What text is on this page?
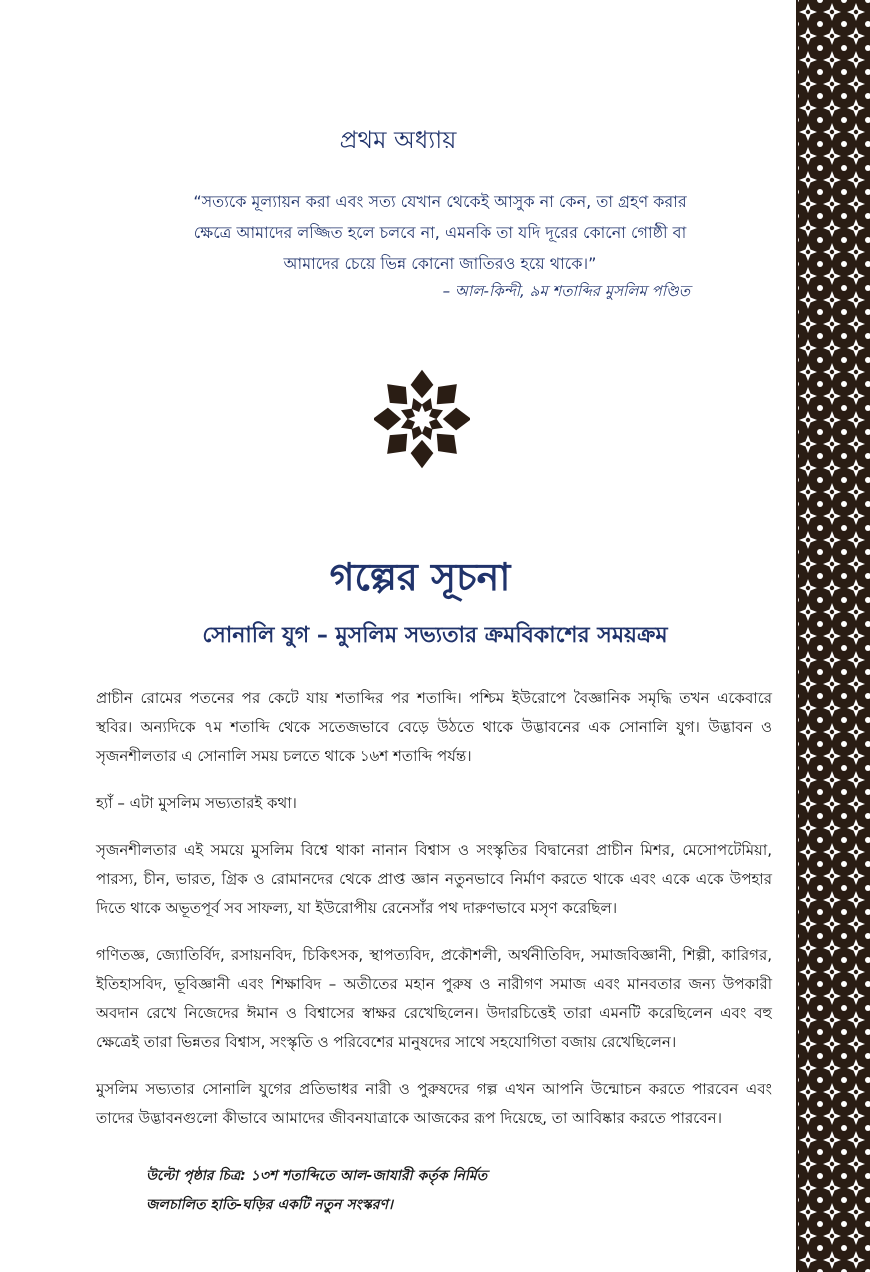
প্রথম অধ্যায়
“সত্যকে মূল্যায়ন করা এবং সত্য যেখান থেকেই আসুক না কেন, তা গ্রহণ করার ক্ষেত্রে আমাদের লজ্জিত হলে চলবে না, এমনকি তা যদি দূরের কোনো গোষ্ঠী বা আমাদের চেয়ে ভিন্ন কোনো জাতিরও হয়ে থাকে।”
– আল-কিন্দী, ৯ম শতাব্দির মুসলিম পণ্ডিত
গল্পের সূচনা
সোনালি যুগ – মুসলিম সভ্যতার ক্রমবিকাশের সময়ক্রম

প্রাচীন রোমের পতনের পর কেটে যায় শতাব্দির পর শতাব্দি। পশ্চিম ইউরোপে বৈজ্ঞানিক সমৃদ্ধি তখন একেবারে স্থবির। অন্যদিকে ৭ম শতাব্দি থেকে সতেজভাবে বেড়ে উঠতে থাকে উদ্ভাবনের এক সোনালি যুগ। উদ্ভাবন ও সৃজনশীলতার এ সোনালি সময় চলতে থাকে ১৬শ শতাব্দি পর্যন্ত।

হ্যাঁ – এটা মুসলিম সভ্যতারই কথা।

সৃজনশীলতার এই সময়ে মুসলিম বিশ্বে থাকা নানান বিশ্বাস ও সংস্কৃতির বিদ্বানেরা প্রাচীন মিশর, মেসোপটেমিয়া, পারস্য, চীন, ভারত, গ্রিক ও রোমানদের থেকে প্রাপ্ত জ্ঞান নতুনভাবে নির্মাণ করতে থাকে এবং একে একে উপহার দিতে থাকে অভূতপূর্ব সব সাফল্য, যা ইউরোপীয় রেনেসাঁর পথ দারুণভাবে মসৃণ করেছিল।

গণিতজ্ঞ, জ্যোতির্বিদ, রসায়নবিদ, চিকিৎসক, স্থাপত্যবিদ, প্রকৌশলী, অর্থনীতিবিদ, সমাজবিজ্ঞানী, শিল্পী, কারিগর, ইতিহাসবিদ, ভূবিজ্ঞানী এবং শিক্ষাবিদ – অতীতের মহান পুরুষ ও নারীগণ সমাজ এবং মানবতার জন্য উপকারী অবদান রেখে নিজেদের ঈমান ও বিশ্বাসের স্বাক্ষর রেখেছিলেন। উদারচিত্তেই তারা এমনটি করেছিলেন এবং বহু ক্ষেত্রেই তারা ভিন্নতর বিশ্বাস, সংস্কৃতি ও পরিবেশের মানুষদের সাথে সহযোগিতা বজায় রেখেছিলেন।

মুসলিম সভ্যতার সোনালি যুগের প্রতিভাধর নারী ও পুরুষদের গল্প এখন আপনি উন্মোচন করতে পারবেন এবং তাদের উদ্ভাবনগুলো কীভাবে আমাদের জীবনযাত্রাকে আজকের রূপ দিয়েছে, তা আবিষ্কার করতে পারবেন।

উল্টো পৃষ্ঠার চিত্র: ১৩শ শতাব্দিতে আল-জাযারী কর্তৃক নির্মিত
জলচালিত হাতি-ঘড়ির একটি নতুন সংস্করণ।
